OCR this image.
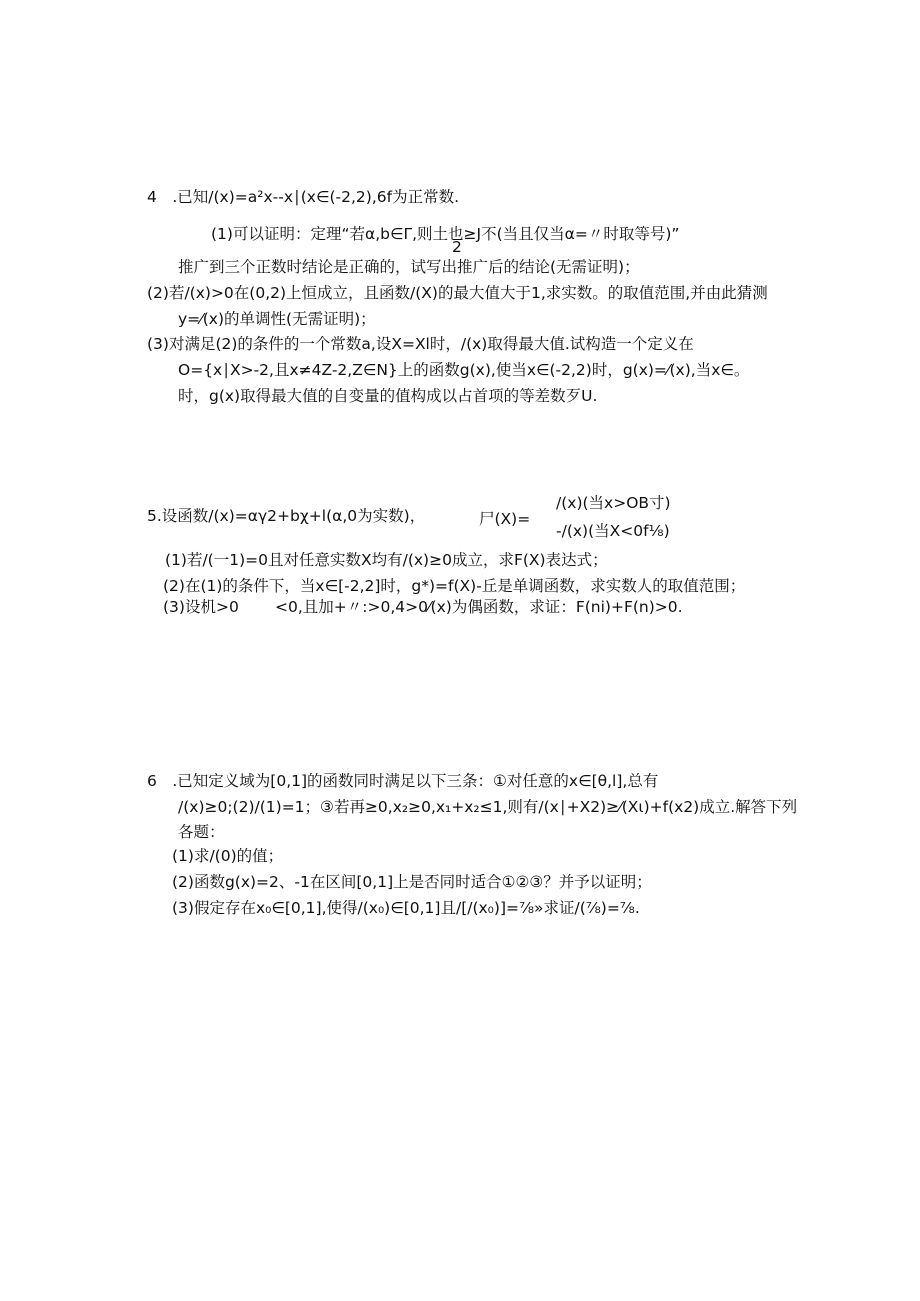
4　.已知/(x)=a²x--x∣(x∈(-2,2),6f为正常数.
(1)可以证明：定理“若α,b∈Γ,则土也≥J不(当且仅当α=〃时取等号)”
2
推广到三个正数时结论是正确的，试写出推广后的结论(无需证明)；
(2)若/(x)>0在(0,2)上恒成立，且函数/(X)的最大值大于1,求实数。的取值范围,并由此猜测
y=⁄(x)的单调性(无需证明)；
(3)对满足(2)的条件的一个常数a,设X=Xl时，/(x)取得最大值.试构造一个定义在
O={x∣X>-2,且x≠4Z-2,Z∈N}上的函数g(x),使当x∈(-2,2)时，g(x)=⁄(x),当x∈。
时，g(x)取得最大值的自变量的值构成以占首项的等差数歹U.
5.设函数/(x)=αγ2+bχ+l(α,0为实数)，	尸(X)=
/(x)(当x>OB寸)
-/(x)(当X<0f⅛)
(1)若/(一1)=0且对任意实数X均有/(x)≥0成立，求F(X)表达式；
(2)在(1)的条件下，当x∈[-2,2]时，g*)=f(X)-丘是单调函数，求实数人的取值范围；
(3)设机>0 <0,且加+〃:>0,4>0⁄(x)为偶函数，求证：F(ni)+F(n)>0.
6　.已知定义域为[0,1]的函数同时满足以下三条：①对任意的x∈[θ,l],总有
/(x)≥0;(2)/(1)=1；③若再≥0,x₂≥0,x₁+x₂≤1,则有/(x∣+X2)≥⁄(Xι)+f(x2)成立.解答下列
各题：
(1)求/(0)的值；
(2)函数g(x)=2、-1在区间[0,1]上是否同时适合①②③？并予以证明；
(3)假定存在x₀∈[0,1],使得/(x₀)∈[0,1]且/[/(x₀)]=⅞»求证/(⅞)=⅞.
